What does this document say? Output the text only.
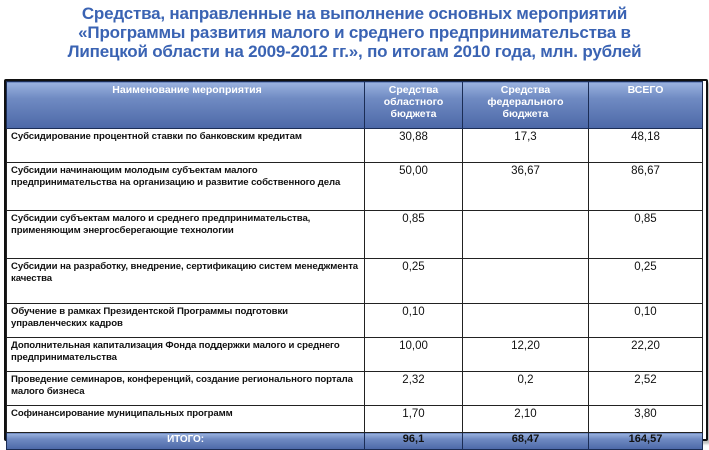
Средства, направленные на выполнение основных мероприятий
«Программы развития малого и среднего предпринимательства в
Липецкой области на 2009-2012 гг.», по итогам 2010 года, млн. рублей
Наименование мероприятия	Средства областного бюджета	Средства федерального бюджета	ВСЕГО
Субсидирование процентной ставки по банковским кредитам	30,88	17,3	48,18
Субсидии начинающим молодым субъектам малого предпринимательства на организацию и развитие собственного дела	50,00	36,67	86,67
Субсидии субъектам малого и среднего предпринимательства, применяющим энергосберегающие технологии	0,85		0,85
Субсидии на разработку, внедрение, сертификацию систем менеджмента качества	0,25		0,25
Обучение в рамках Президентской Программы подготовки управленческих кадров	0,10		0,10
Дополнительная капитализация Фонда поддержки малого и среднего предпринимательства	10,00	12,20	22,20
Проведение семинаров, конференций, создание регионального портала малого бизнеса	2,32	0,2	2,52
Софинансирование муниципальных программ	1,70	2,10	3,80
ИТОГО:	96,1	68,47	164,57
